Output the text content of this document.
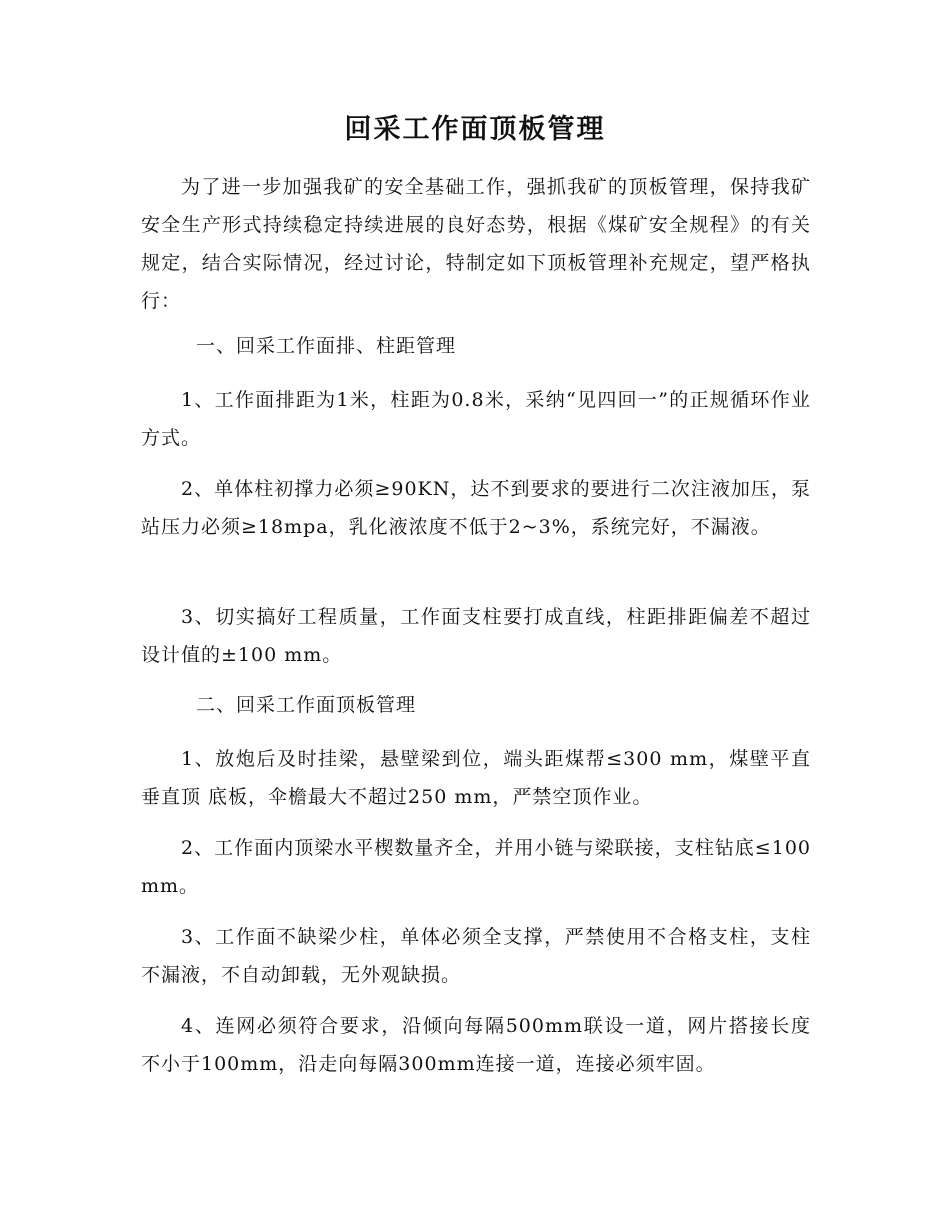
回采工作面顶板管理

为了进一步加强我矿的安全基础工作，强抓我矿的顶板管理，保持我矿安全生产形式持续稳定持续进展的良好态势，根据《煤矿安全规程》的有关规定，结合实际情况，经过讨论，特制定如下顶板管理补充规定，望严格执行：

一、回采工作面排、柱距管理

1、工作面排距为1米，柱距为0.8米，采纳“见四回一”的正规循环作业方式。

2、单体柱初撑力必须≥90KN，达不到要求的要进行二次注液加压，泵站压力必须≥18mpa，乳化液浓度不低于2~3%，系统完好，不漏液。

3、切实搞好工程质量，工作面支柱要打成直线，柱距排距偏差不超过设计值的±100 mm。

二、回采工作面顶板管理

1、放炮后及时挂梁，悬壁梁到位，端头距煤帮≤300 mm，煤壁平直垂直顶 底板，伞檐最大不超过250 mm，严禁空顶作业。

2、工作面内顶梁水平楔数量齐全，并用小链与梁联接，支柱钻底≤100 mm。

3、工作面不缺梁少柱，单体必须全支撑，严禁使用不合格支柱，支柱不漏液，不自动卸载，无外观缺损。

4、连网必须符合要求，沿倾向每隔500mm联设一道，网片搭接长度不小于100mm，沿走向每隔300mm连接一道，连接必须牢固。
